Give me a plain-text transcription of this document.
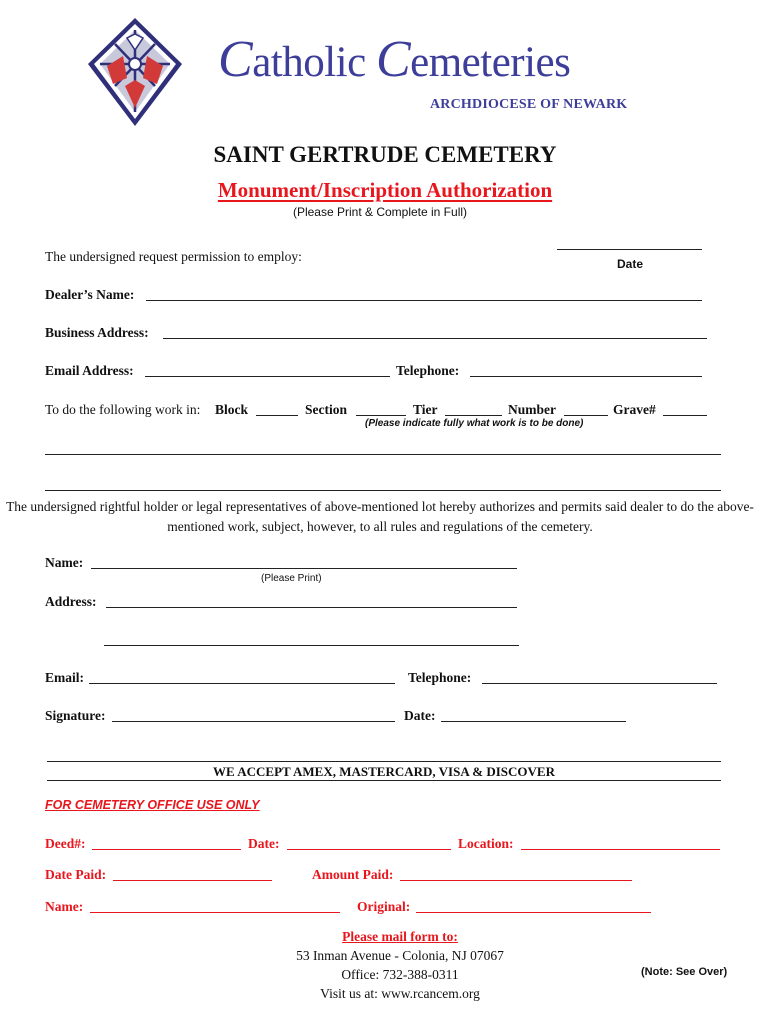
Catholic Cemeteries
ARCHDIOCESE OF NEWARK
SAINT GERTRUDE CEMETERY
Monument/Inscription Authorization
(Please Print & Complete in Full)
The undersigned request permission to employ:	Date
Dealer’s Name:
Business Address:
Email Address:	Telephone:
To do the following work in: Block	Section	Tier	Number	Grave#
(Please indicate fully what work is to be done)
The undersigned rightful holder or legal representatives of above-mentioned lot hereby authorizes and permits said dealer to do the above-mentioned work, subject, however, to all rules and regulations of the cemetery.
Name:
(Please Print)
Address:
Email:	Telephone:
Signature:	Date:
WE ACCEPT AMEX, MASTERCARD, VISA & DISCOVER
FOR CEMETERY OFFICE USE ONLY
Deed#:	Date:	Location:
Date Paid:	Amount Paid:
Name:	Original:
Please mail form to:
53 Inman Avenue - Colonia, NJ 07067
Office: 732-388-0311
Visit us at: www.rcancem.org
(Note: See Over)
